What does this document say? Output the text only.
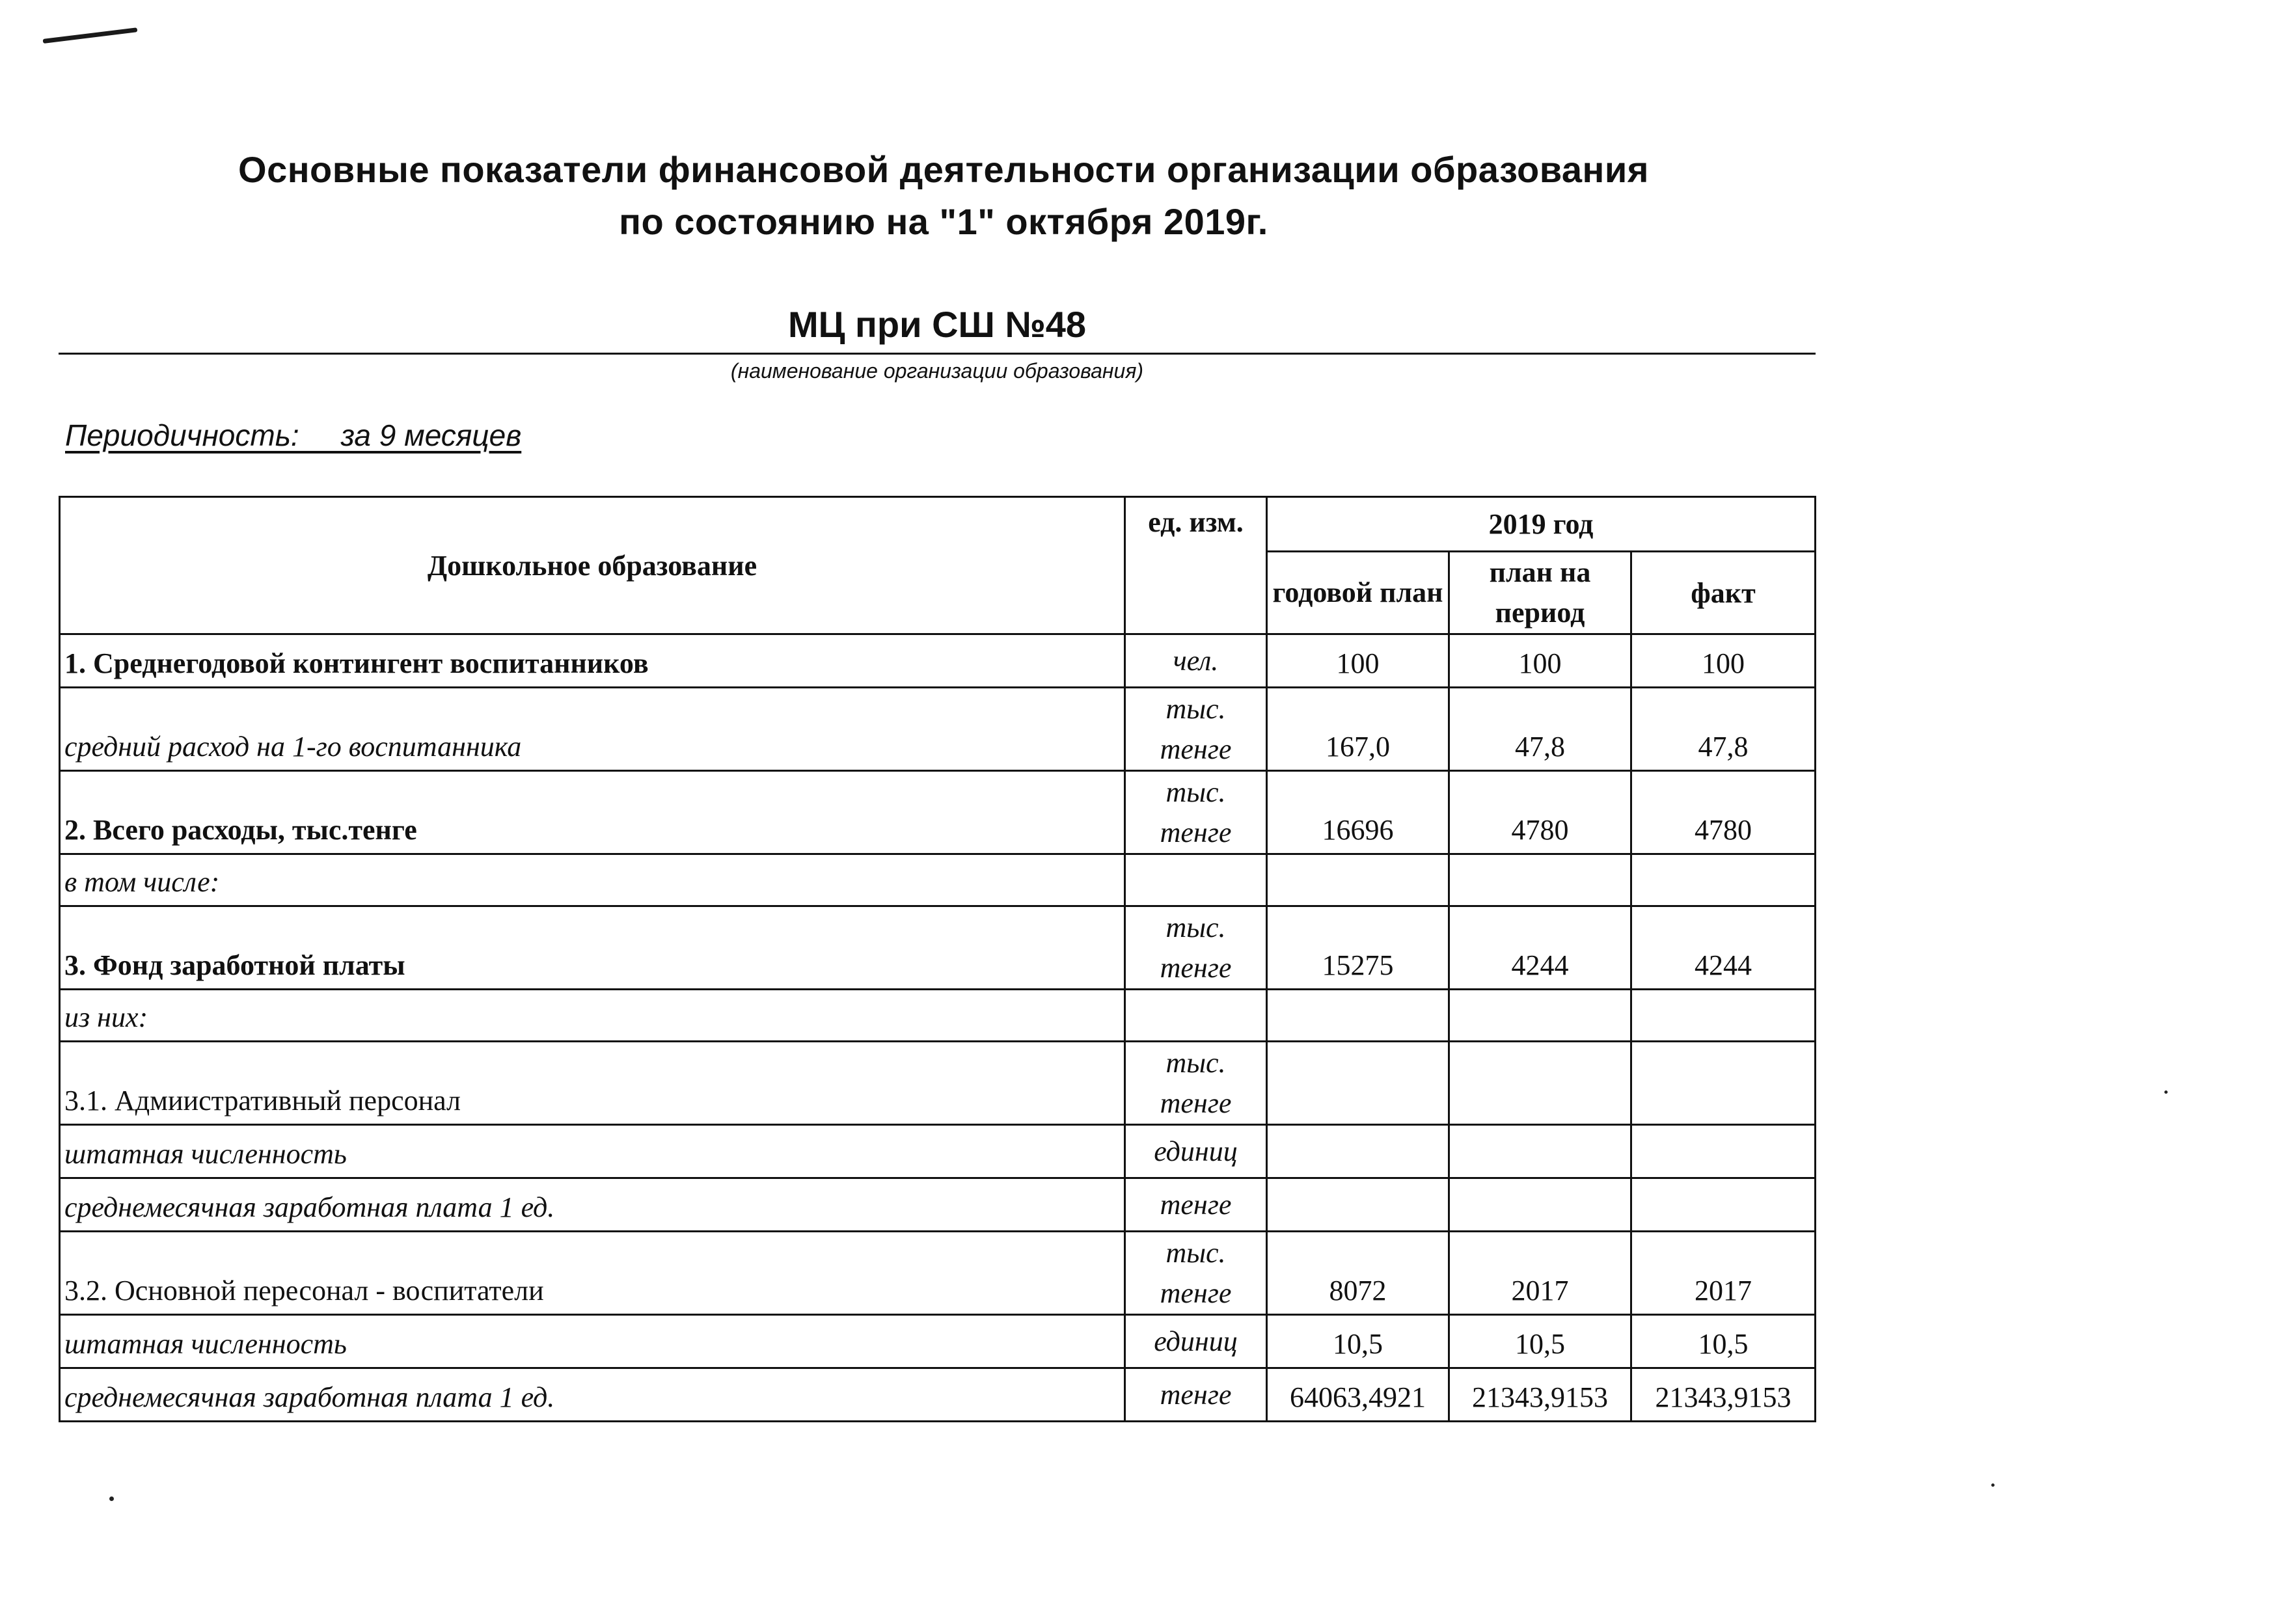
Основные показатели финансовой деятельности организации образования
по состоянию на "1" октября 2019г.
МЦ при СШ №48
(наименование организации образования)
Периодичность:     за 9 месяцев
Дошкольное образование	ед. изм.	2019 год		
		годовой план	план на период	факт
1. Среднегодовой контингент воспитанников	чел.	100	100	100
средний расход на 1-го воспитанника	тыс. тенге	167,0	47,8	47,8
2. Всего расходы, тыс.тенге	тыс. тенге	16696	4780	4780
в том числе:				
3. Фонд заработной платы	тыс. тенге	15275	4244	4244
из них:				
3.1. Адмиистративный персонал	тыс. тенге			
штатная численность	единиц			
среднемесячная заработная плата 1 ед.	тенге			
3.2. Основной пересонал - воспитатели	тыс. тенге	8072	2017	2017
штатная численность	единиц	10,5	10,5	10,5
среднемесячная заработная плата 1 ед.	тенге	64063,4921	21343,9153	21343,9153
